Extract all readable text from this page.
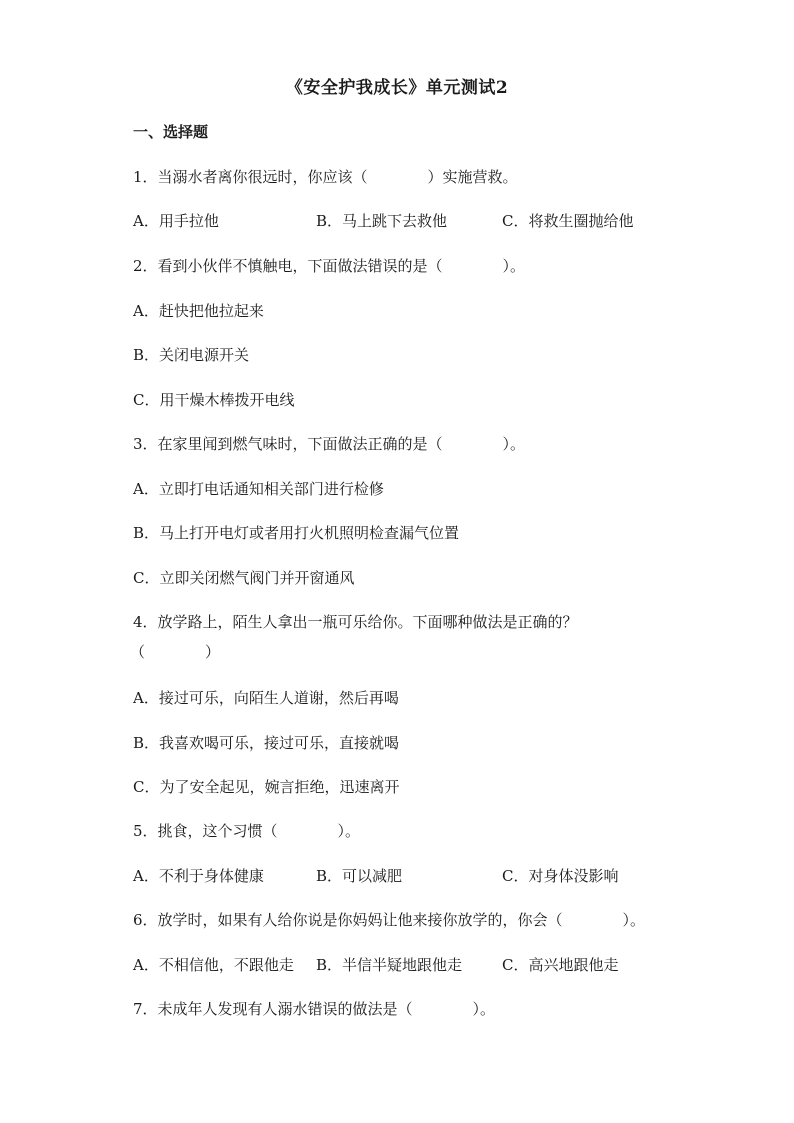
《安全护我成长》单元测试2
一、选择题
1．当溺水者离你很远时，你应该（　　　　）实施营救。
A．用手拉他	B．马上跳下去救他	C．将救生圈抛给他
2．看到小伙伴不慎触电，下面做法错误的是（　　　　）。
A．赶快把他拉起来
B．关闭电源开关
C．用干燥木棒拨开电线
3．在家里闻到燃气味时，下面做法正确的是（　　　　）。
A．立即打电话通知相关部门进行检修
B．马上打开电灯或者用打火机照明检查漏气位置
C．立即关闭燃气阀门并开窗通风
4．放学路上，陌生人拿出一瓶可乐给你。下面哪种做法是正确的？
（　　　　）
A．接过可乐，向陌生人道谢，然后再喝
B．我喜欢喝可乐，接过可乐，直接就喝
C．为了安全起见，婉言拒绝，迅速离开
5．挑食，这个习惯（　　　　）。
A．不利于身体健康	B．可以减肥	C．对身体没影响
6．放学时，如果有人给你说是你妈妈让他来接你放学的，你会（　　　　）。
A．不相信他，不跟他走 B．半信半疑地跟他走	C．高兴地跟他走
7．未成年人发现有人溺水错误的做法是（　　　　）。
